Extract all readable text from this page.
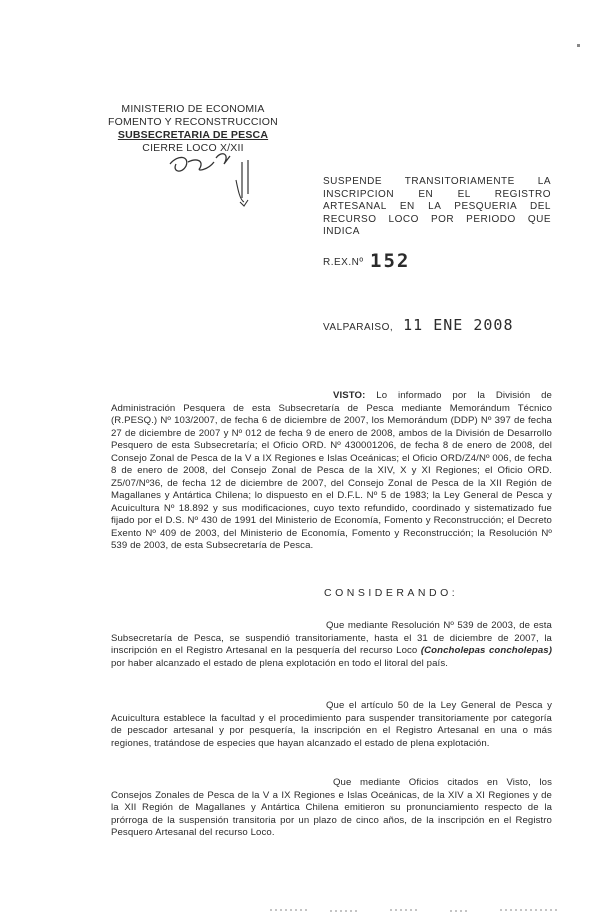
MINISTERIO DE ECONOMIA
FOMENTO Y RECONSTRUCCION
SUBSECRETARIA DE PESCA
CIERRE LOCO X/XII
SUSPENDE TRANSITORIAMENTE LA INSCRIPCION EN EL REGISTRO ARTESANAL EN LA PESQUERIA DEL RECURSO LOCO POR PERIODO QUE INDICA
R.EX.Nº 152
VALPARAISO, 11 ENE 2008
VISTO: Lo informado por la División de Administración Pesquera de esta Subsecretaría de Pesca mediante Memorándum Técnico (R.PESQ.) Nº 103/2007, de fecha 6 de diciembre de 2007, los Memorándum (DDP) Nº 397 de fecha 27 de diciembre de 2007 y Nº 012 de fecha 9 de enero de 2008, ambos de la División de Desarrollo Pesquero de esta Subsecretaría; el Oficio ORD. Nº 430001206, de fecha 8 de enero de 2008, del Consejo Zonal de Pesca de la V a IX Regiones e Islas Oceánicas; el Oficio ORD/Z4/Nº 006, de fecha 8 de enero de 2008, del Consejo Zonal de Pesca de la XIV, X y XI Regiones; el Oficio ORD. Z5/07/Nº36, de fecha 12 de diciembre de 2007, del Consejo Zonal de Pesca de la XII Región de Magallanes y Antártica Chilena; lo dispuesto en el D.F.L. Nº 5 de 1983; la Ley General de Pesca y Acuicultura Nº 18.892 y sus modificaciones, cuyo texto refundido, coordinado y sistematizado fue fijado por el D.S. Nº 430 de 1991 del Ministerio de Economía, Fomento y Reconstrucción; el Decreto Exento Nº 409 de 2003, del Ministerio de Economía, Fomento y Reconstrucción; la Resolución Nº 539 de 2003, de esta Subsecretaría de Pesca.
CONSIDERANDO:
Que mediante Resolución Nº 539 de 2003, de esta Subsecretaría de Pesca, se suspendió transitoriamente, hasta el 31 de diciembre de 2007, la inscripción en el Registro Artesanal en la pesquería del recurso Loco (Concholepas concholepas) por haber alcanzado el estado de plena explotación en todo el litoral del país.
Que el artículo 50 de la Ley General de Pesca y Acuicultura establece la facultad y el procedimiento para suspender transitoriamente por categoría de pescador artesanal y por pesquería, la inscripción en el Registro Artesanal en una o más regiones, tratándose de especies que hayan alcanzado el estado de plena explotación.
Que mediante Oficios citados en Visto, los Consejos Zonales de Pesca de la V a IX Regiones e Islas Oceánicas, de la XIV a XI Regiones y de la XII Región de Magallanes y Antártica Chilena emitieron su pronunciamiento respecto de la prórroga de la suspensión transitoria por un plazo de cinco años, de la inscripción en el Registro Pesquero Artesanal del recurso Loco.
